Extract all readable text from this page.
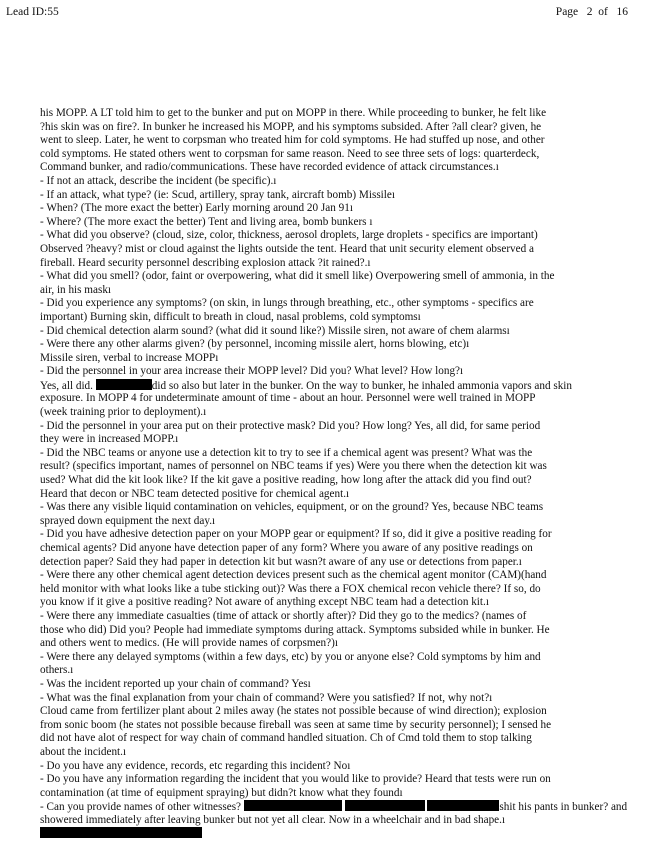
Lead ID:55	Page 2 of 16
his MOPP. A LT told him to get to the bunker and put on MOPP in there. While proceeding to bunker, he felt like
?his skin was on fire?. In bunker he increased his MOPP, and his symptoms subsided. After ?all clear? given, he
went to sleep. Later, he went to corpsman who treated him for cold symptoms. He had stuffed up nose, and other
cold symptoms. He stated others went to corpsman for same reason. Need to see three sets of logs: quarterdeck,
Command bunker, and radio/communications. These have recorded evidence of attack circumstances.ı
- If not an attack, describe the incident (be specific).ı
- If an attack, what type? (ie: Scud, artillery, spray tank, aircraft bomb) Missileı
- When? (The more exact the better) Early morning around 20 Jan 91ı
- Where? (The more exact the better) Tent and living area, bomb bunkers ı
- What did you observe? (cloud, size, color, thickness, aerosol droplets, large droplets - specifics are important)
Observed ?heavy? mist or cloud against the lights outside the tent. Heard that unit security element observed a
fireball. Heard security personnel describing explosion attack ?it rained?.ı
- What did you smell? (odor, faint or overpowering, what did it smell like) Overpowering smell of ammonia, in the
air, in his maskı
- Did you experience any symptoms? (on skin, in lungs through breathing, etc., other symptoms - specifics are
important) Burning skin, difficult to breath in cloud, nasal problems, cold symptomsı
- Did chemical detection alarm sound? (what did it sound like?) Missile siren, not aware of chem alarmsı
- Were there any other alarms given? (by personnel, incoming missile alert, horns blowing, etc)ı
Missile siren, verbal to increase MOPPı
- Did the personnel in your area increase their MOPP level? Did you? What level? How long?ı
Yes, all did.	did so also but later in the bunker. On the way to bunker, he inhaled ammonia vapors and skin
exposure. In MOPP 4 for undeterminate amount of time - about an hour. Personnel were well trained in MOPP
(week training prior to deployment).ı
- Did the personnel in your area put on their protective mask? Did you? How long? Yes, all did, for same period
they were in increased MOPP.ı
- Did the NBC teams or anyone use a detection kit to try to see if a chemical agent was present? What was the
result? (specifics important, names of personnel on NBC teams if yes) Were you there when the detection kit was
used? What did the kit look like? If the kit gave a positive reading, how long after the attack did you find out?
Heard that decon or NBC team detected positive for chemical agent.ı
- Was there any visible liquid contamination on vehicles, equipment, or on the ground? Yes, because NBC teams
sprayed down equipment the next day.ı
- Did you have adhesive detection paper on your MOPP gear or equipment? If so, did it give a positive reading for
chemical agents? Did anyone have detection paper of any form? Where you aware of any positive readings on
detection paper? Said they had paper in detection kit but wasn?t aware of any use or detections from paper.ı
- Were there any other chemical agent detection devices present such as the chemical agent monitor (CAM)(hand
held monitor with what looks like a tube sticking out)? Was there a FOX chemical recon vehicle there? If so, do
you know if it give a positive reading? Not aware of anything except NBC team had a detection kit.ı
- Were there any immediate casualties (time of attack or shortly after)? Did they go to the medics? (names of
those who did) Did you? People had immediate symptoms during attack. Symptoms subsided while in bunker. He
and others went to medics. (He will provide names of corpsmen?)ı
- Were there any delayed symptoms (within a few days, etc) by you or anyone else? Cold symptoms by him and
others.ı
- Was the incident reported up your chain of command? Yesı
- What was the final explanation from your chain of command? Were you satisfied? If not, why not?ı
Cloud came from fertilizer plant about 2 miles away (he states not possible because of wind direction); explosion
from sonic boom (he states not possible because fireball was seen at same time by security personnel); I sensed he
did not have alot of respect for way chain of command handled situation. Ch of Cmd told them to stop talking
about the incident.ı
- Do you have any evidence, records, etc regarding this incident? Noı
- Do you have any information regarding the incident that you would like to provide? Heard that tests were run on
contamination (at time of equipment spraying) but didn?t know what they foundı
- Can you provide names of other witnesses?	shit his pants in bunker? and
showered immediately after leaving bunker but not yet all clear. Now in a wheelchair and in bad shape.ı
